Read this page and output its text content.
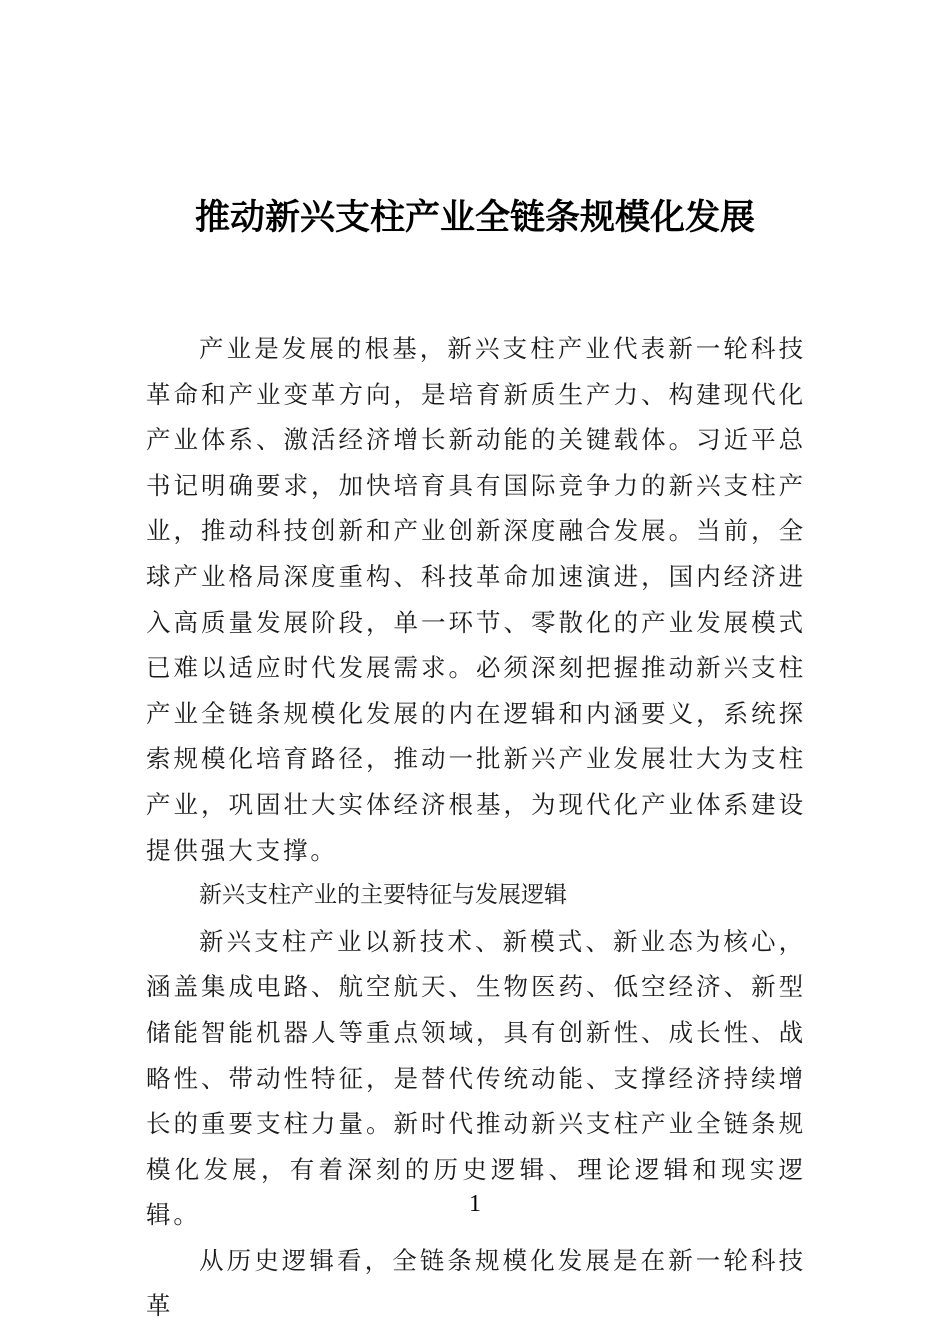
推动新兴支柱产业全链条规模化发展

产业是发展的根基，新兴支柱产业代表新一轮科技革命和产业变革方向，是培育新质生产力、构建现代化产业体系、激活经济增长新动能的关键载体。习近平总书记明确要求，加快培育具有国际竞争力的新兴支柱产业，推动科技创新和产业创新深度融合发展。当前，全球产业格局深度重构、科技革命加速演进，国内经济进入高质量发展阶段，单一环节、零散化的产业发展模式已难以适应时代发展需求。必须深刻把握推动新兴支柱产业全链条规模化发展的内在逻辑和内涵要义，系统探索规模化培育路径，推动一批新兴产业发展壮大为支柱产业，巩固壮大实体经济根基，为现代化产业体系建设提供强大支撑。

新兴支柱产业的主要特征与发展逻辑

新兴支柱产业以新技术、新模式、新业态为核心，涵盖集成电路、航空航天、生物医药、低空经济、新型储能智能机器人等重点领域，具有创新性、成长性、战略性、带动性特征，是替代传统动能、支撑经济持续增长的重要支柱力量。新时代推动新兴支柱产业全链条规模化发展，有着深刻的历史逻辑、理论逻辑和现实逻辑。

从历史逻辑看，全链条规模化发展是在新一轮科技革

1
